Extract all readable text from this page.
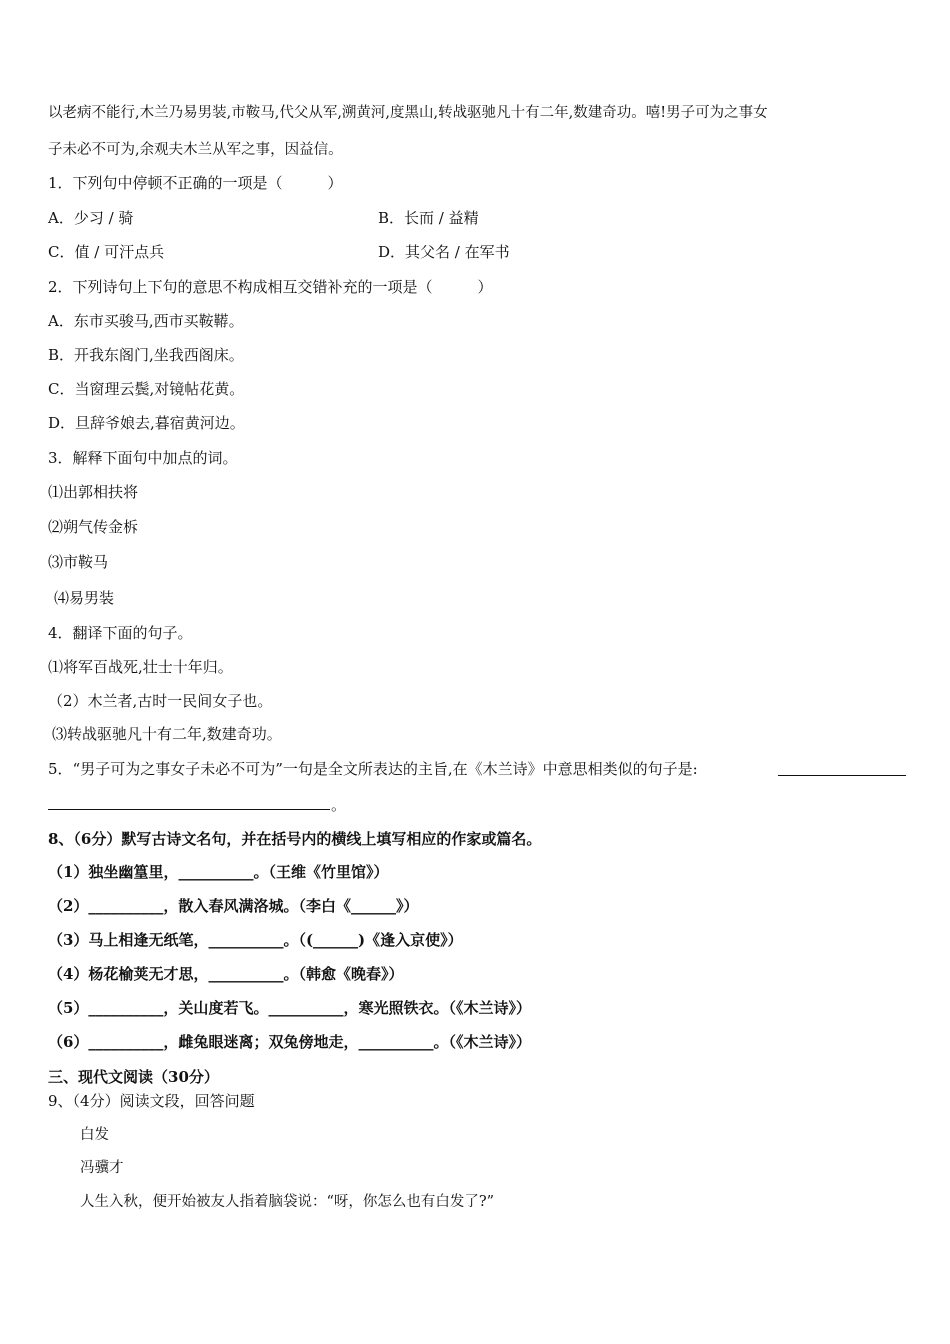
以老病不能行,木兰乃易男装,市鞍马,代父从军,溯黄河,度黑山,转战驱驰凡十有二年,数建奇功。嘻!男子可为之事女
子未必不可为,余观夫木兰从军之事，因益信。
1．下列句中停顿不正确的一项是（　　　）
A．少习 / 骑	B．长而 / 益精
C．值 / 可汗点兵	D．其父名 / 在军书
2．下列诗句上下句的意思不构成相互交错补充的一项是（　　　）
A．东市买骏马,西市买鞍鞯。
B．开我东阁门,坐我西阁床。
C．当窗理云鬓,对镜帖花黄。
D．旦辞爷娘去,暮宿黄河边。
3．解释下面句中加点的词。
⑴出郭相扶将
⑵朔气传金柝
⑶市鞍马
⑷易男装
4．翻译下面的句子。
⑴将军百战死,壮士十年归。
（2）木兰者,古时一民间女子也。
⑶转战驱驰凡十有二年,数建奇功。
5．“男子可为之事女子未必不可为”一句是全文所表达的主旨,在《木兰诗》中意思相类似的句子是:
。
8、（6分）默写古诗文名句，并在括号内的横线上填写相应的作家或篇名。
（1）独坐幽篁里，__________。（王维《竹里馆》）
（2）__________，散入春风满洛城。（李白《______》）
（3）马上相逢无纸笔，__________。（(______)《逢入京使》）
（4）杨花榆荚无才思，__________。（韩愈《晚春》）
（5）__________，关山度若飞。__________，寒光照铁衣。（《木兰诗》）
（6）__________，雌兔眼迷离；双兔傍地走，__________。（《木兰诗》）
三、现代文阅读（30分）
9、（4分）阅读文段，回答问题
白发
冯骥才
人生入秋，便开始被友人指着脑袋说：“呀，你怎么也有白发了?”
